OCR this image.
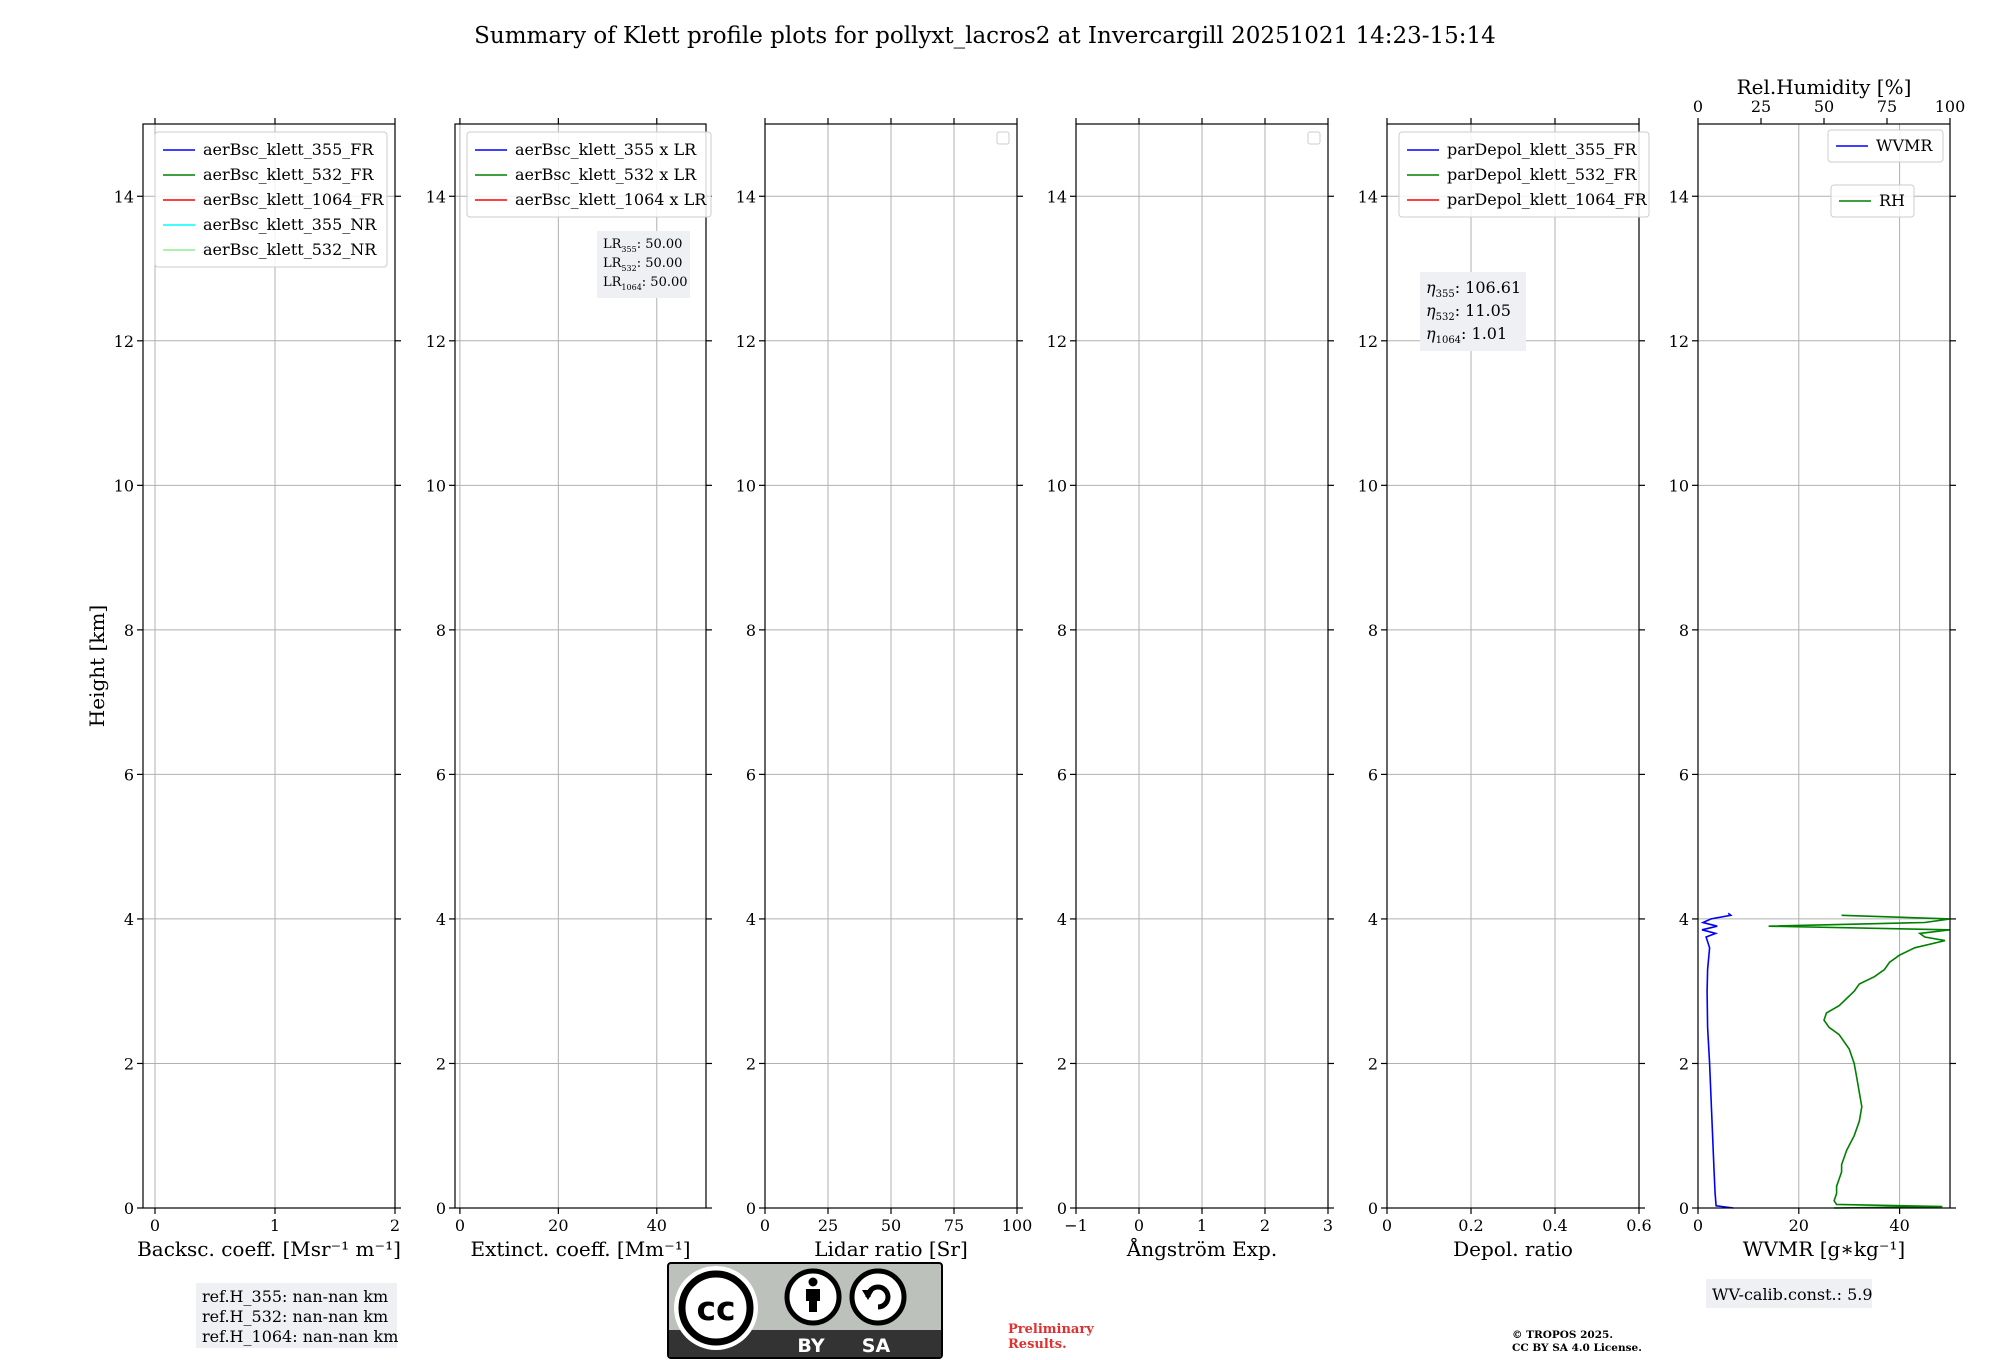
Summary of Klett profile plots for pollyxt_lacros2 at Invercargill 20251021 14:23-15:14
0	1	2
0
2
4
6
8
10
12
14
Backsc. coeff. [Msr⁻¹ m⁻¹]
Height [km]
aerBsc_klett_355_FR
aerBsc_klett_532_FR
aerBsc_klett_1064_FR
aerBsc_klett_355_NR
aerBsc_klett_532_NR
0	20	40
0
2
4
6
8
10
12
14
Extinct. coeff. [Mm⁻¹]
aerBsc_klett_355 x LR
aerBsc_klett_532 x LR
aerBsc_klett_1064 x LR
$LR_{355}$: 50.00
$LR_{532}$: 50.00
$LR_{1064}$: 50.00
0	25	50	75 100
0
2
4
6
8
10
12
14
Lidar ratio [Sr]
−1	0	1	2	3
0
2
4
6
8
10
12
14
Ångström Exp.
0	0.2	0.4	0.6
0
2
4
6
8
10
12
14
Depol. ratio
parDepol_klett_355_FR
parDepol_klett_532_FR
parDepol_klett_1064_FR
$\eta_{355}$: 106.61
$\eta_{532}$: 11.05
$\eta_{1064}$: 1.01
0	25	50	75 100
Rel.Humidity [%]
0	20	40
0
2
4
6
8
10
12
14
WVMR [g∗kg⁻¹]
WVMR
RH
WV-calib.const.: 5.9
ref.H_355: nan-nan km
ref.H_532: nan-nan km
ref.H_1064: nan-nan km
cc
BY SA
Preliminary
Results.
© TROPOS 2025.
CC BY SA 4.0 License.
